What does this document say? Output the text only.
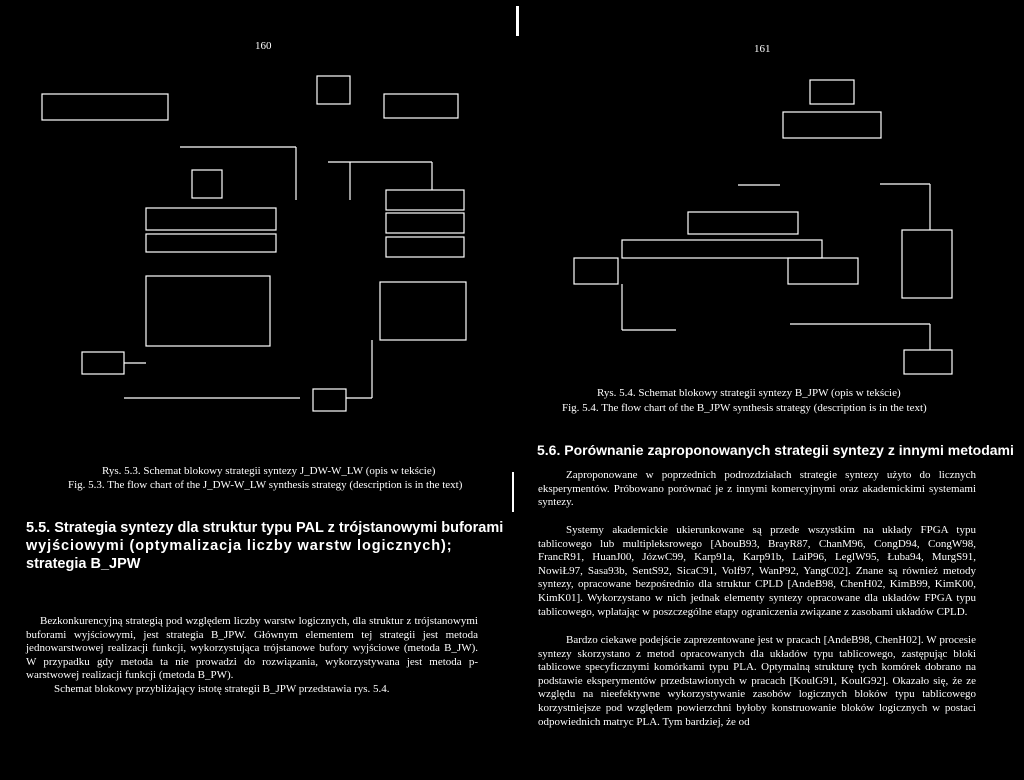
160	161
Rys. 5.3. Schemat blokowy strategii syntezy J_DW-W_LW (opis w tekście)
Fig. 5.3. The flow chart of the J_DW-W_LW synthesis strategy (description is in the text)
5.5. Strategia syntezy dla struktur typu PAL z trójstanowymi buforami
wyjściowymi (optymalizacja liczby warstw logicznych);
strategia B_JPW

Bezkonkurencyjną strategią pod względem liczby warstw logicznych, dla struktur z trójstanowymi buforami wyjściowymi, jest strategia B_JPW. Głównym elementem tej strategii jest metoda jednowarstwowej realizacji funkcji, wykorzystująca trójstanowe bufory wyjściowe (metoda B_JW). W przypadku gdy metoda ta nie prowadzi do rozwiązania, wykorzystywana jest metoda p-warstwowej realizacji funkcji (metoda B_PW).

Schemat blokowy przybliżający istotę strategii B_JPW przedstawia rys. 5.4.
Rys. 5.4. Schemat blokowy strategii syntezy B_JPW (opis w tekście)
Fig. 5.4. The flow chart of the B_JPW synthesis strategy (description is in the text)
5.6. Porównanie zaproponowanych strategii syntezy z innymi metodami
Zaproponowane w poprzednich podrozdziałach strategie syntezy użyto do licznych eksperymentów. Próbowano porównać je z innymi komercyjnymi oraz akademickimi systemami syntezy.
Systemy akademickie ukierunkowane są przede wszystkim na układy FPGA typu tablicowego lub multipleksrowego [AbouB93, BrayR87, ChanM96, CongD94, CongW98, FrancR91, HuanJ00, JózwC99, Karp91a, Karp91b, LaiP96, LeglW95, Łuba94, MurgS91, NowiŁ97, Sasa93b, SentS92, SicaC91, Volf97, WanP92, YangC02]. Znane są również metody syntezy, opracowane bezpośrednio dla struktur CPLD [AndeB98, ChenH02, KimB99, KimK00, KimK01]. Wykorzystano w nich jednak elementy syntezy opracowane dla układów FPGA typu tablicowego, wplatając w poszczególne etapy ograniczenia związane z zasobami układów CPLD.
Bardzo ciekawe podejście zaprezentowane jest w pracach [AndeB98, ChenH02]. W procesie syntezy skorzystano z metod opracowanych dla układów typu tablicowego, zastępując bloki tablicowe specyficznymi komórkami typu PLA. Optymalną strukturę tych komórek dobrano na podstawie eksperymentów przedstawionych w pracach [KoulG91, KoulG92]. Okazało się, że ze względu na nieefektywne wykorzystywanie zasobów logicznych bloków typu tablicowego korzystniejsze pod względem powierzchni byłoby konstruowanie bloków logicznych w postaci odpowiednich matryc PLA. Tym bardziej, że od
